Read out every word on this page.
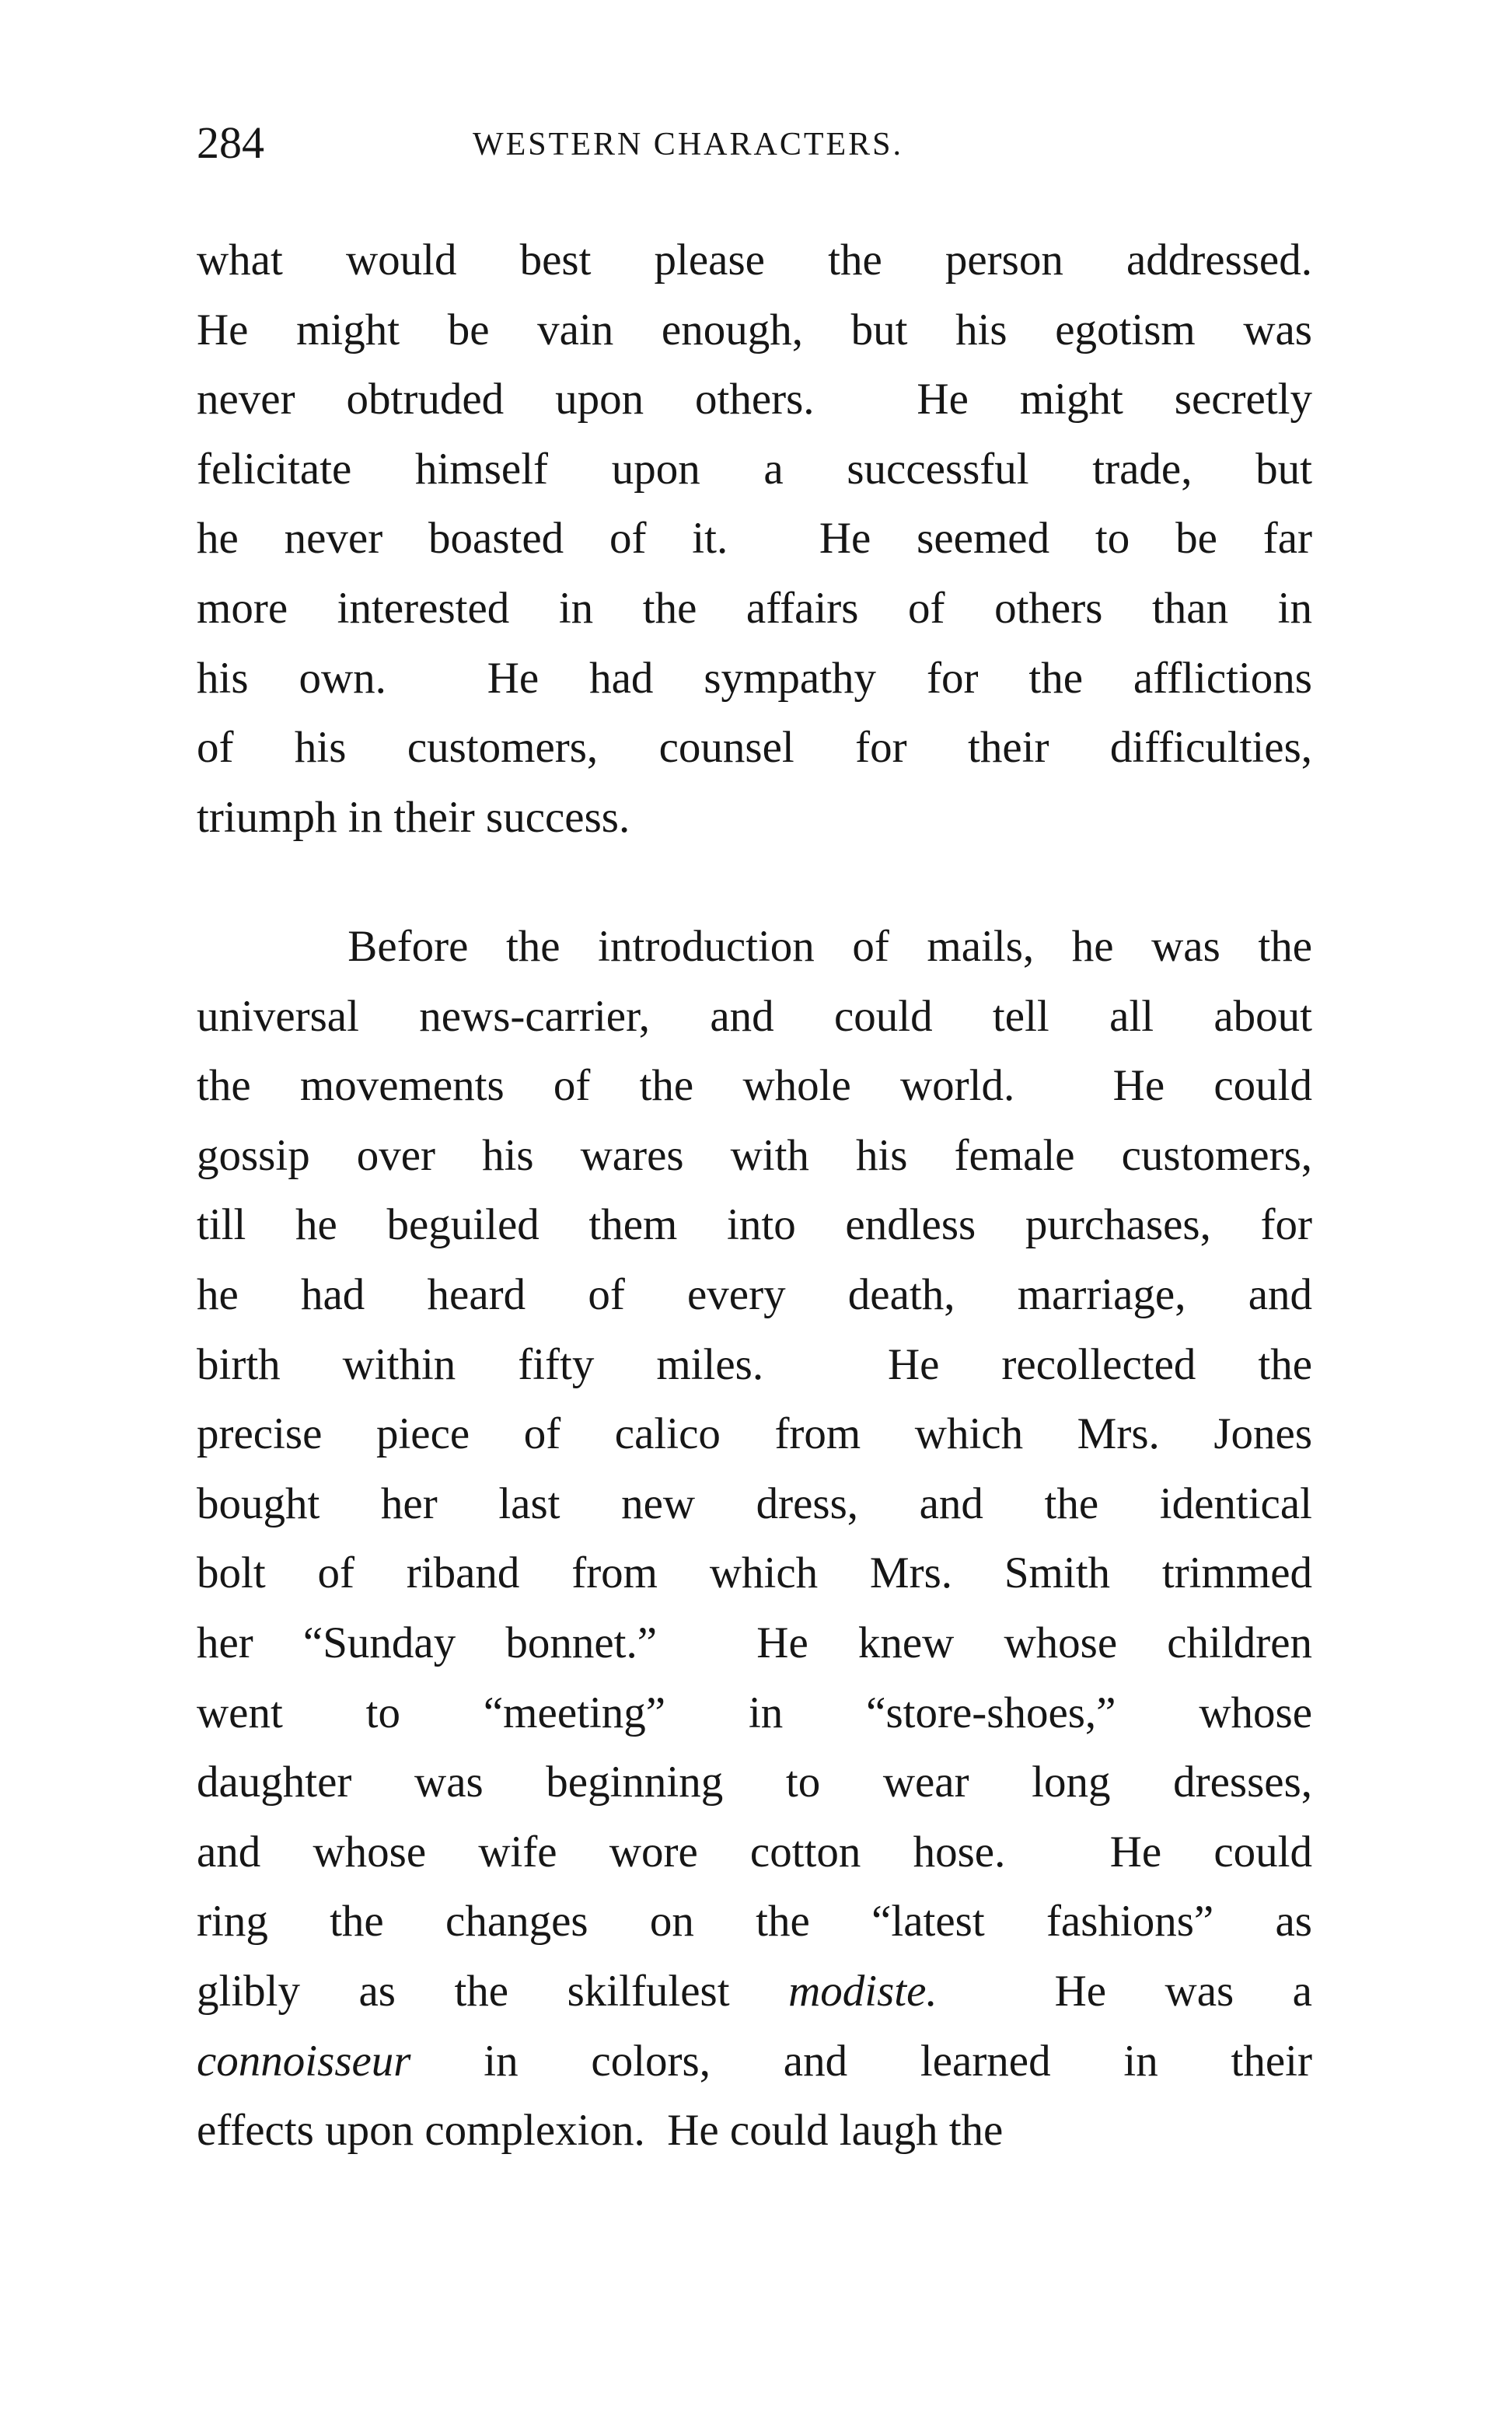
284	WESTERN CHARACTERS.
what would best please the person addressed.
He might be vain enough, but his egotism was
never obtruded upon others.  He might secretly
felicitate himself upon a successful trade, but
he never boasted of it.  He seemed to be far
more interested in the affairs of others than in
his own.  He had sympathy for the afflictions
of his customers, counsel for their difficulties,
triumph in their success.
Before the introduction of mails, he was the
universal news-carrier, and could tell all about
the movements of the whole world.  He could
gossip over his wares with his female customers,
till he beguiled them into endless purchases, for
he had heard of every death, marriage, and
birth within fifty miles.  He recollected the
precise piece of calico from which Mrs. Jones
bought her last new dress, and the identical
bolt of riband from which Mrs. Smith trimmed
her “Sunday bonnet.”  He knew whose children
went to “meeting” in “store-shoes,” whose
daughter was beginning to wear long dresses,
and whose wife wore cotton hose.  He could
ring the changes on the “latest fashions” as
glibly as the skilfulest modiste.  He was a
connoisseur in colors, and learned in their
effects upon complexion.  He could laugh the
